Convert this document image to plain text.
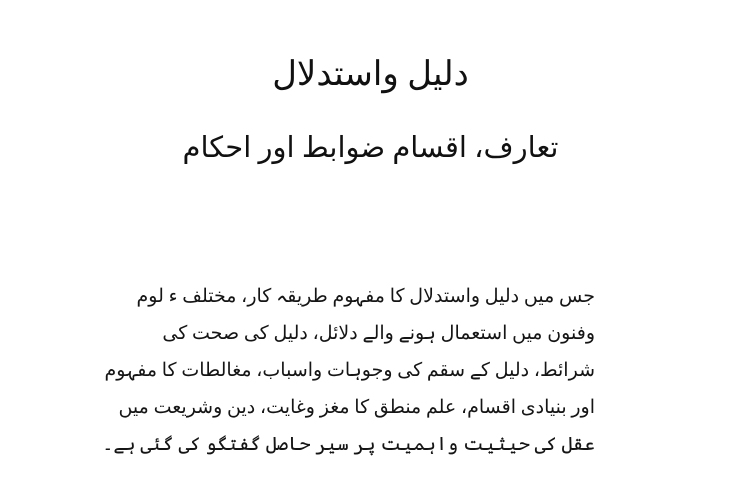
دلیل واستدلال
تعارف، اقسام ضوابط اور احکام
جس میں دلیل واستدلال کا مفہوم طریقہ کار، مختلف ء لوم
وفنون میں استعمال ہونے والے دلائل، دلیل کی صحت کی
شرائط، دلیل کے سقم کی وجوہات واسباب، مغالطات کا مفہوم
اور بنیادی اقسام، علم منطق کا مغز وغایت، دین وشریعت میں
عقل کی حیثیت واہمیت پر سیر حاصل گفتگو کی گئی ہے۔
